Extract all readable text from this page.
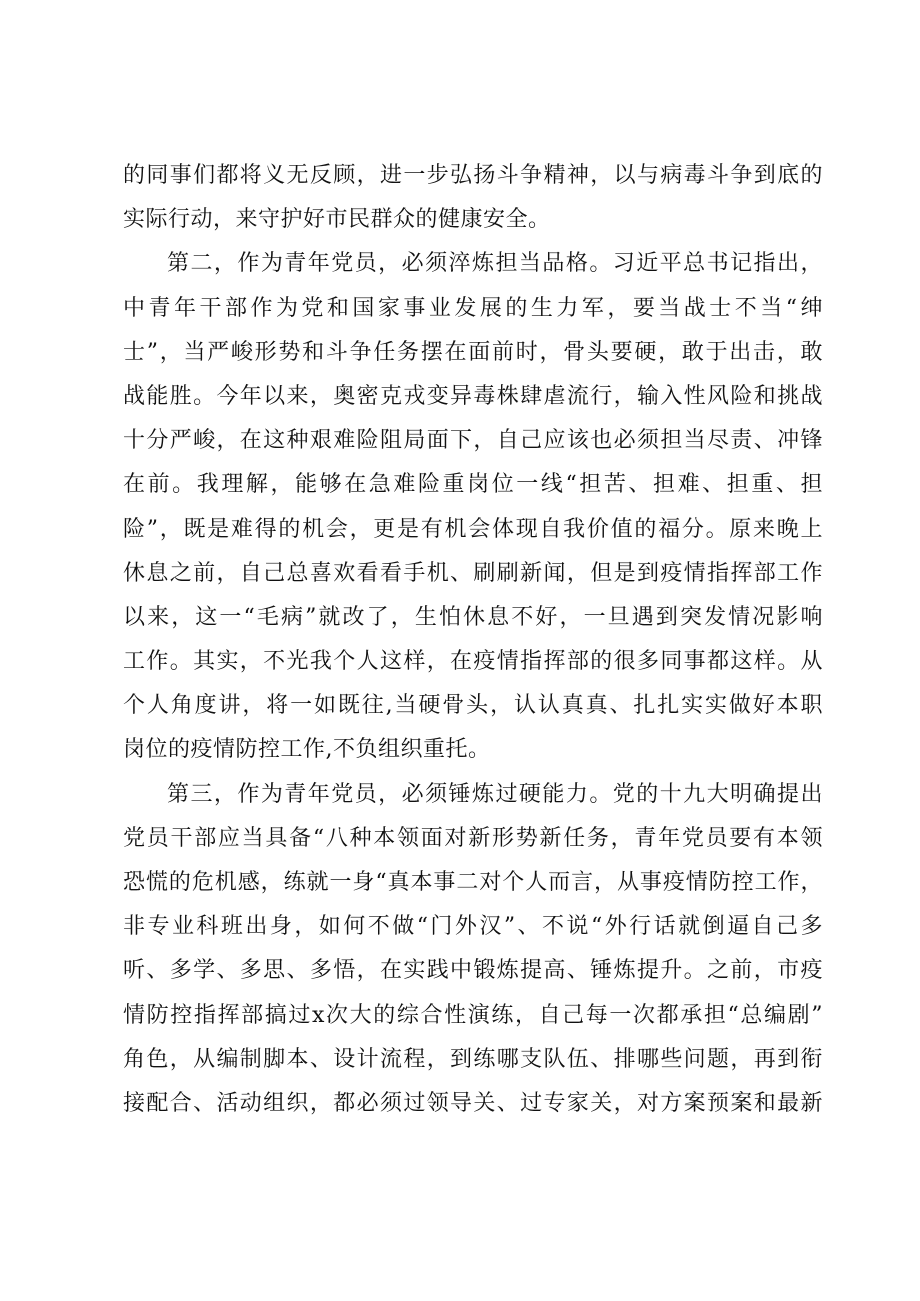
的同事们都将义无反顾，进一步弘扬斗争精神，以与病毒斗争到底的
实际行动，来守护好市民群众的健康安全。
第二，作为青年党员，必须淬炼担当品格。习近平总书记指出，
中青年干部作为党和国家事业发展的生力军，要当战士不当“绅
士”，当严峻形势和斗争任务摆在面前时，骨头要硬，敢于出击，敢
战能胜。今年以来，奥密克戎变异毒株肆虐流行，输入性风险和挑战
十分严峻，在这种艰难险阻局面下，自己应该也必须担当尽责、冲锋
在前。我理解，能够在急难险重岗位一线“担苦、担难、担重、担
险”，既是难得的机会，更是有机会体现自我价值的福分。原来晚上
休息之前，自己总喜欢看看手机、刷刷新闻，但是到疫情指挥部工作
以来，这一“毛病”就改了，生怕休息不好，一旦遇到突发情况影响
工作。其实，不光我个人这样，在疫情指挥部的很多同事都这样。从
个人角度讲，将一如既往,当硬骨头，认认真真、扎扎实实做好本职
岗位的疫情防控工作,不负组织重托。
第三，作为青年党员，必须锤炼过硬能力。党的十九大明确提出
党员干部应当具备“八种本领面对新形势新任务，青年党员要有本领
恐慌的危机感，练就一身“真本事二对个人而言，从事疫情防控工作，
非专业科班出身，如何不做“门外汉”、不说“外行话就倒逼自己多
听、多学、多思、多悟，在实践中锻炼提高、锤炼提升。之前，市疫
情防控指挥部搞过x次大的综合性演练，自己每一次都承担“总编剧”
角色，从编制脚本、设计流程，到练哪支队伍、排哪些问题，再到衔
接配合、活动组织，都必须过领导关、过专家关，对方案预案和最新
